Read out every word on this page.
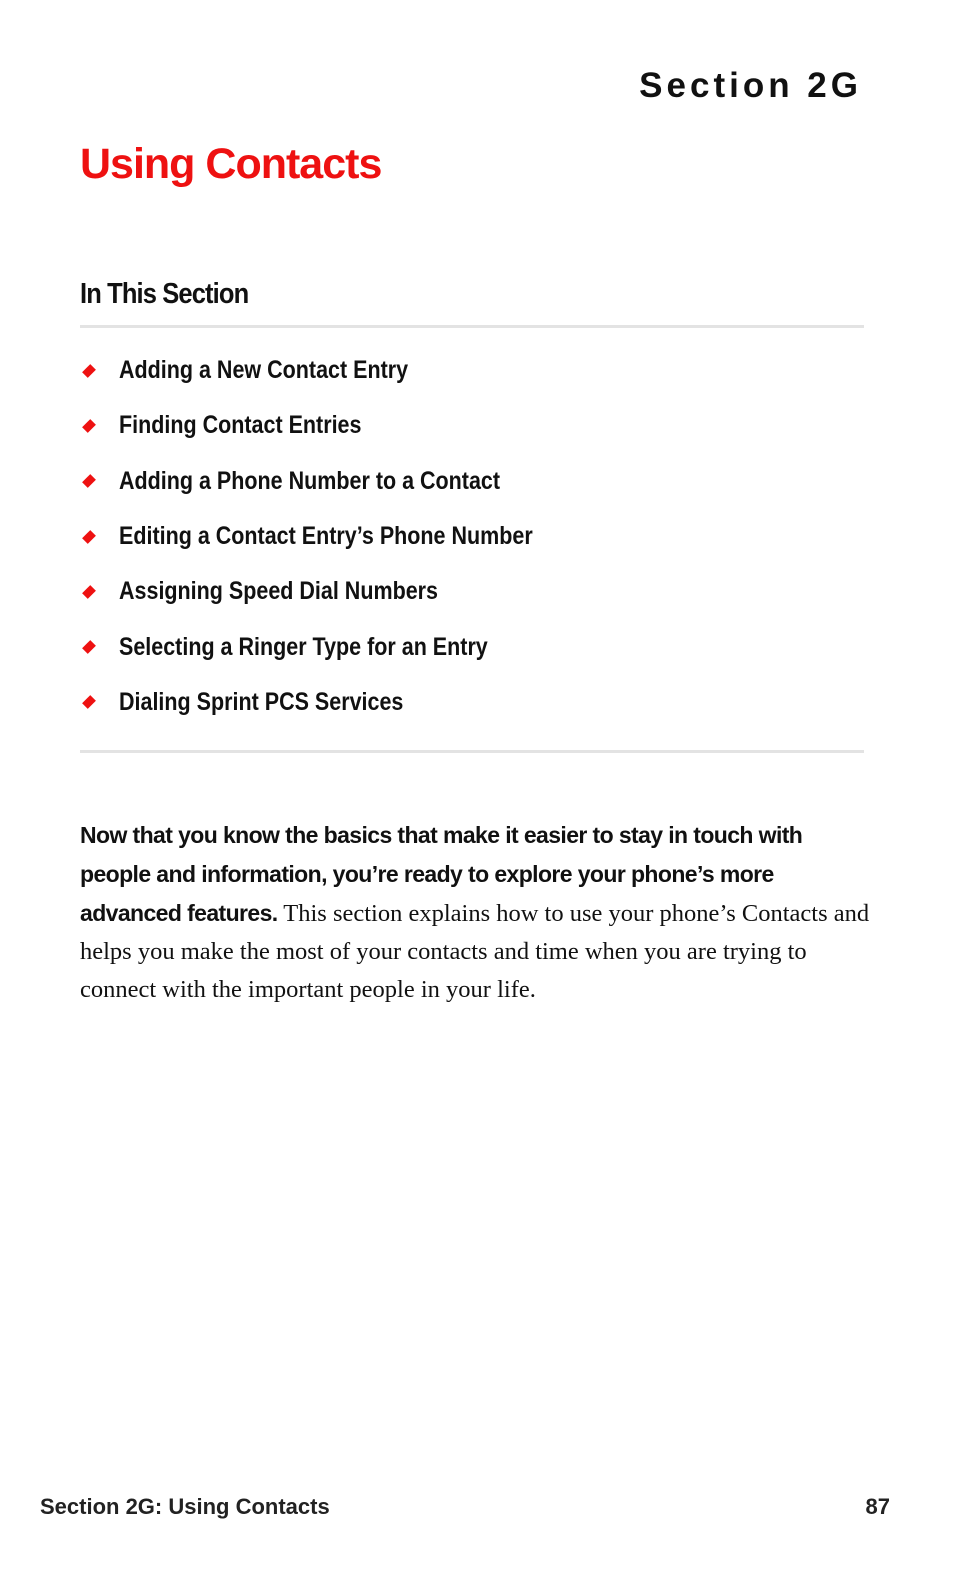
Section 2G
Using Contacts
In This Section
Adding a New Contact Entry
Finding Contact Entries
Adding a Phone Number to a Contact
Editing a Contact Entry’s Phone Number
Assigning Speed Dial Numbers
Selecting a Ringer Type for an Entry
Dialing Sprint PCS Services

Now that you know the basics that make it easier to stay in touch with people and information, you’re ready to explore your phone’s more advanced features. This section explains how to use your phone’s Contacts and helps you make the most of your contacts and time when you are trying to connect with the important people in your life.

Section 2G: Using Contacts	87
